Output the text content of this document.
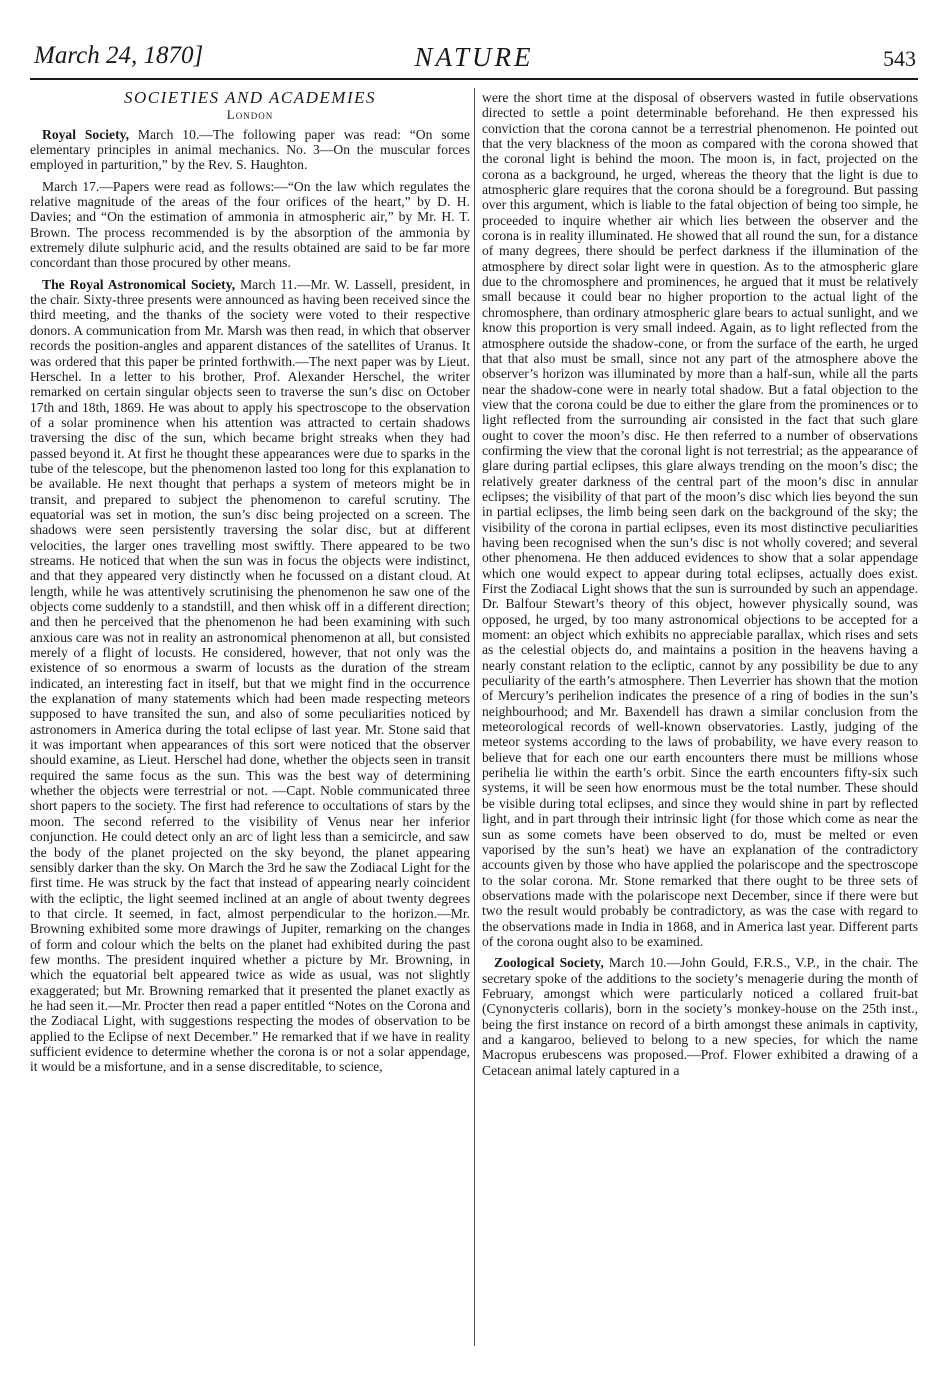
March 24, 1870]	NATURE	543
SOCIETIES AND ACADEMIES
London

Royal Society, March 10.—The following paper was read: “On some elementary principles in animal mechanics. No. 3—On the muscular forces employed in parturition,” by the Rev. S. Haughton.

March 17.—Papers were read as follows:—“On the law which regulates the relative magnitude of the areas of the four orifices of the heart,” by D. H. Davies; and “On the estimation of ammonia in atmospheric air,” by Mr. H. T. Brown. The process recommended is by the absorption of the ammonia by extremely dilute sulphuric acid, and the results obtained are said to be far more concordant than those procured by other means.

The Royal Astronomical Society, March 11.—Mr. W. Lassell, president, in the chair. Sixty-three presents were announced as having been received since the third meeting, and the thanks of the society were voted to their respective donors. A communication from Mr. Marsh was then read, in which that observer records the position-angles and apparent distances of the satellites of Uranus. It was ordered that this paper be printed forthwith.—The next paper was by Lieut. Herschel. In a letter to his brother, Prof. Alexander Herschel, the writer remarked on certain singular objects seen to traverse the sun’s disc on October 17th and 18th, 1869. He was about to apply his spectroscope to the observation of a solar prominence when his attention was attracted to certain shadows traversing the disc of the sun, which became bright streaks when they had passed beyond it. At first he thought these appearances were due to sparks in the tube of the telescope, but the phenomenon lasted too long for this explanation to be available. He next thought that perhaps a system of meteors might be in transit, and prepared to subject the phenomenon to careful scrutiny. The equatorial was set in motion, the sun’s disc being projected on a screen. The shadows were seen persistently traversing the solar disc, but at different velocities, the larger ones travelling most swiftly. There appeared to be two streams. He noticed that when the sun was in focus the objects were indistinct, and that they appeared very distinctly when he focussed on a distant cloud. At length, while he was attentively scrutinising the phenomenon he saw one of the objects come suddenly to a standstill, and then whisk off in a different direction; and then he perceived that the phenomenon he had been examining with such anxious care was not in reality an astronomical phenomenon at all, but consisted merely of a flight of locusts. He considered, however, that not only was the existence of so enormous a swarm of locusts as the duration of the stream indicated, an interesting fact in itself, but that we might find in the occurrence the explanation of many statements which had been made respecting meteors supposed to have transited the sun, and also of some peculiarities noticed by astronomers in America during the total eclipse of last year. Mr. Stone said that it was important when appearances of this sort were noticed that the observer should examine, as Lieut. Herschel had done, whether the objects seen in transit required the same focus as the sun. This was the best way of determining whether the objects were terrestrial or not. —Capt. Noble communicated three short papers to the society. The first had reference to occultations of stars by the moon. The second referred to the visibility of Venus near her inferior conjunction. He could detect only an arc of light less than a semicircle, and saw the body of the planet projected on the sky beyond, the planet appearing sensibly darker than the sky. On March the 3rd he saw the Zodiacal Light for the first time. He was struck by the fact that instead of appearing nearly coincident with the ecliptic, the light seemed inclined at an angle of about twenty degrees to that circle. It seemed, in fact, almost perpendicular to the horizon.—Mr. Browning exhibited some more drawings of Jupiter, remarking on the changes of form and colour which the belts on the planet had exhibited during the past few months. The president inquired whether a picture by Mr. Browning, in which the equatorial belt appeared twice as wide as usual, was not slightly exaggerated; but Mr. Browning remarked that it presented the planet exactly as he had seen it.—Mr. Procter then read a paper entitled “Notes on the Corona and the Zodiacal Light, with suggestions respecting the modes of observation to be applied to the Eclipse of next December.” He remarked that if we have in reality sufficient evidence to determine whether the corona is or not a solar appendage, it would be a misfortune, and in a sense discreditable, to science,

were the short time at the disposal of observers wasted in futile observations directed to settle a point determinable beforehand. He then expressed his conviction that the corona cannot be a terrestrial phenomenon. He pointed out that the very blackness of the moon as compared with the corona showed that the coronal light is behind the moon. The moon is, in fact, projected on the corona as a background, he urged, whereas the theory that the light is due to atmospheric glare requires that the corona should be a foreground. But passing over this argument, which is liable to the fatal objection of being too simple, he proceeded to inquire whether air which lies between the observer and the corona is in reality illuminated. He showed that all round the sun, for a distance of many degrees, there should be perfect darkness if the illumination of the atmosphere by direct solar light were in question. As to the atmospheric glare due to the chromosphere and prominences, he argued that it must be relatively small because it could bear no higher proportion to the actual light of the chromosphere, than ordinary atmospheric glare bears to actual sunlight, and we know this proportion is very small indeed. Again, as to light reflected from the atmosphere outside the shadow-cone, or from the surface of the earth, he urged that that also must be small, since not any part of the atmosphere above the observer’s horizon was illuminated by more than a half-sun, while all the parts near the shadow-cone were in nearly total shadow. But a fatal objection to the view that the corona could be due to either the glare from the prominences or to light reflected from the surrounding air consisted in the fact that such glare ought to cover the moon’s disc. He then referred to a number of observations confirming the view that the coronal light is not terrestrial; as the appearance of glare during partial eclipses, this glare always trending on the moon’s disc; the relatively greater darkness of the central part of the moon’s disc in annular eclipses; the visibility of that part of the moon’s disc which lies beyond the sun in partial eclipses, the limb being seen dark on the background of the sky; the visibility of the corona in partial eclipses, even its most distinctive peculiarities having been recognised when the sun’s disc is not wholly covered; and several other phenomena. He then adduced evidences to show that a solar appendage which one would expect to appear during total eclipses, actually does exist. First the Zodiacal Light shows that the sun is surrounded by such an appendage. Dr. Balfour Stewart’s theory of this object, however physically sound, was opposed, he urged, by too many astronomical objections to be accepted for a moment: an object which exhibits no appreciable parallax, which rises and sets as the celestial objects do, and maintains a position in the heavens having a nearly constant relation to the ecliptic, cannot by any possibility be due to any peculiarity of the earth’s atmosphere. Then Leverrier has shown that the motion of Mercury’s perihelion indicates the presence of a ring of bodies in the sun’s neighbourhood; and Mr. Baxendell has drawn a similar conclusion from the meteorological records of well-known observatories. Lastly, judging of the meteor systems according to the laws of probability, we have every reason to believe that for each one our earth encounters there must be millions whose perihelia lie within the earth’s orbit. Since the earth encounters fifty-six such systems, it will be seen how enormous must be the total number. These should be visible during total eclipses, and since they would shine in part by reflected light, and in part through their intrinsic light (for those which come as near the sun as some comets have been observed to do, must be melted or even vaporised by the sun’s heat) we have an explanation of the contradictory accounts given by those who have applied the polariscope and the spectroscope to the solar corona. Mr. Stone remarked that there ought to be three sets of observations made with the polariscope next December, since if there were but two the result would probably be contradictory, as was the case with regard to the observations made in India in 1868, and in America last year. Different parts of the corona ought also to be examined.

Zoological Society, March 10.—John Gould, F.R.S., V.P., in the chair. The secretary spoke of the additions to the society’s menagerie during the month of February, amongst which were particularly noticed a collared fruit-bat (Cynonycteris collaris), born in the society’s monkey-house on the 25th inst., being the first instance on record of a birth amongst these animals in captivity, and a kangaroo, believed to belong to a new species, for which the name Macropus erubescens was proposed.—Prof. Flower exhibited a drawing of a Cetacean animal lately captured in a
